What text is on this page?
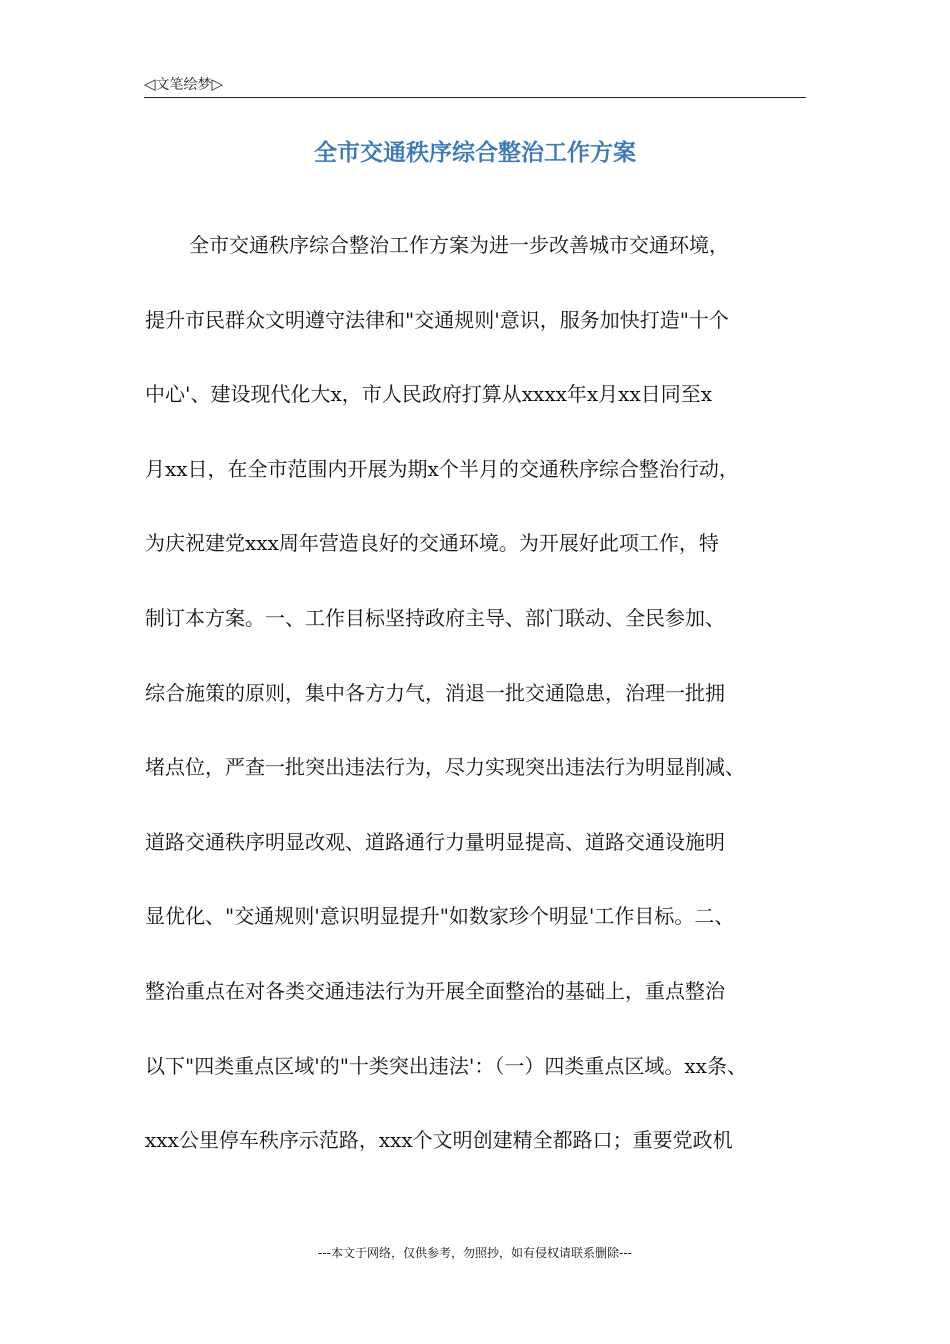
◁ 文笔绘梦 ▷
全市交通秩序综合整治工作方案
全市交通秩序综合整治工作方案为进一步改善城市交通环境，
提升市民群众文明遵守法律和"交通规则'意识，服务加快打造"十个
中心'、建设现代化大x，市人民政府打算从xxxx年x月xx日同至x
月xx日，在全市范围内开展为期x个半月的交通秩序综合整治行动，
为庆祝建党xxx周年营造良好的交通环境。为开展好此项工作，特
制订本方案。一、工作目标坚持政府主导、部门联动、全民参加、
综合施策的原则，集中各方力气，消退一批交通隐患，治理一批拥
堵点位，严查一批突出违法行为，尽力实现突出违法行为明显削减、
道路交通秩序明显改观、道路通行力量明显提高、道路交通设施明
显优化、"交通规则'意识明显提升"如数家珍个明显'工作目标。二、
整治重点在对各类交通违法行为开展全面整治的基础上，重点整治
以下"四类重点区域'的"十类突出违法'：（一）四类重点区域。xx条、
xxx公里停车秩序示范路，xxx个文明创建精全都路口；重要党政机
---本文于网络，仅供参考，勿照抄，如有侵权请联系删除---
